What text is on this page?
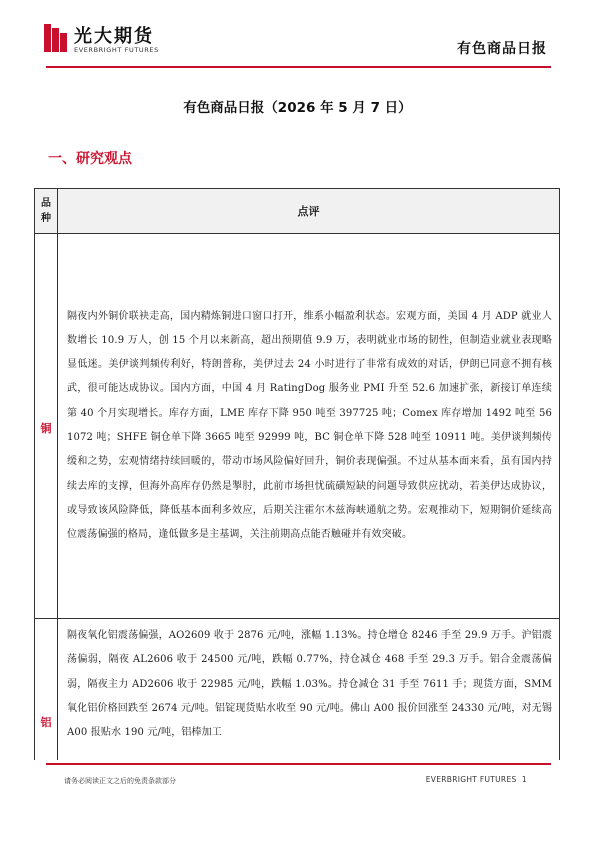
光大期货
EVERBRIGHT FUTURES	有色商品日报
有色商品日报（2026 年 5 月 7 日）
一、研究观点
品种	点评
铜	隔夜内外铜价联袂走高，国内精炼铜进口窗口打开，维系小幅盈利状态。宏观方面，美国 4 月 ADP 就业人数增长 10.9 万人，创 15 个月以来新高，超出预期值 9.9 万，表明就业市场的韧性，但制造业就业表现略显低迷。美伊谈判频传利好，特朗普称，美伊过去 24 小时进行了非常有成效的对话，伊朗已同意不拥有核武，很可能达成协议。国内方面，中国 4 月 RatingDog 服务业 PMI 升至 52.6 加速扩张，新接订单连续第 40 个月实现增长。库存方面，LME 库存下降 950 吨至 397725 吨；Comex 库存增加 1492 吨至 561072 吨；SHFE 铜仓单下降 3665 吨至 92999 吨，BC 铜仓单下降 528 吨至 10911 吨。美伊谈判频传缓和之势，宏观情绪持续回暖的，带动市场风险偏好回升，铜价表现偏强。不过从基本面来看，虽有国内持续去库的支撑，但海外高库存仍然是掣肘，此前市场担忧硫磺短缺的问题导致供应扰动，若美伊达成协议，或导致该风险降低，降低基本面利多效应，后期关注霍尔木兹海峡通航之势。宏观推动下，短期铜价延续高位震荡偏强的格局，逢低做多是主基调，关注前期高点能否触碰并有效突破。

铝	隔夜氧化铝震荡偏强，AO2609 收于 2876 元/吨，涨幅 1.13%。持仓增仓 8246 手至 29.9 万手。沪铝震荡偏弱，隔夜 AL2606 收于 24500 元/吨，跌幅 0.77%，持仓减仓 468 手至 29.3 万手。铝合金震荡偏弱，隔夜主力 AD2606 收于 22985 元/吨，跌幅 1.03%。持仓减仓 31 手至 7611 手；现货方面，SMM 氧化铝价格回跌至 2674 元/吨。铝锭现货贴水收至 90 元/吨。佛山 A00 报价回涨至 24330 元/吨，对无锡 A00 报贴水 190 元/吨，铝棒加工
请务必阅读正文之后的免责条款部分	EVERBRIGHT FUTURES 1
